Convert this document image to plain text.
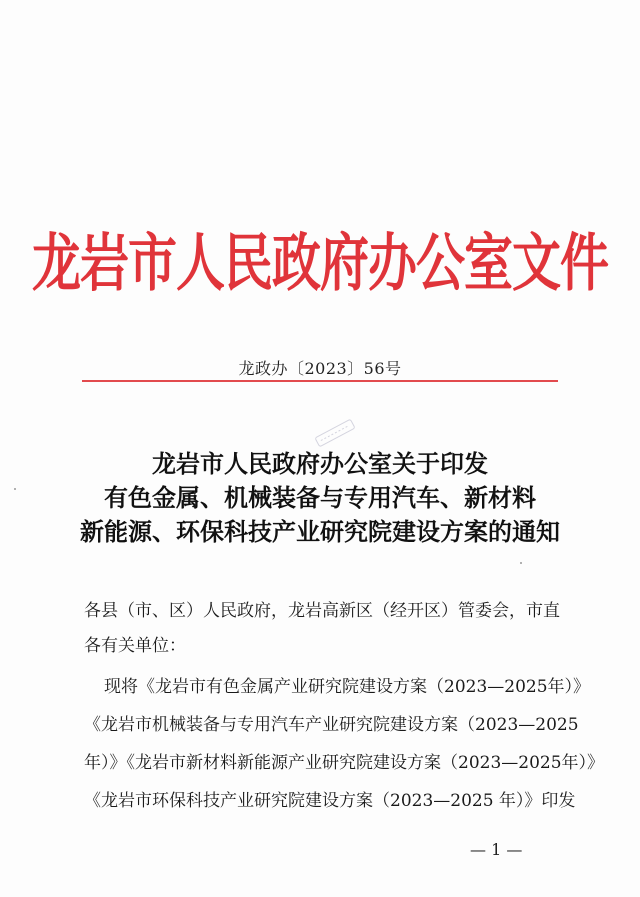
龙岩市人民政府办公室文件
龙政办〔2023〕56号
龙岩市人民政府办公室关于印发
有色金属、机械装备与专用汽车、新材料
新能源、环保科技产业研究院建设方案的通知
各县（市、区）人民政府，龙岩高新区（经开区）管委会，市直
各有关单位：
现将《龙岩市有色金属产业研究院建设方案（2023—2025年）》
《龙岩市机械装备与专用汽车产业研究院建设方案（2023—2025
年）》《龙岩市新材料新能源产业研究院建设方案（2023—2025年）》
《龙岩市环保科技产业研究院建设方案（2023—2025 年）》印发
— 1 —
